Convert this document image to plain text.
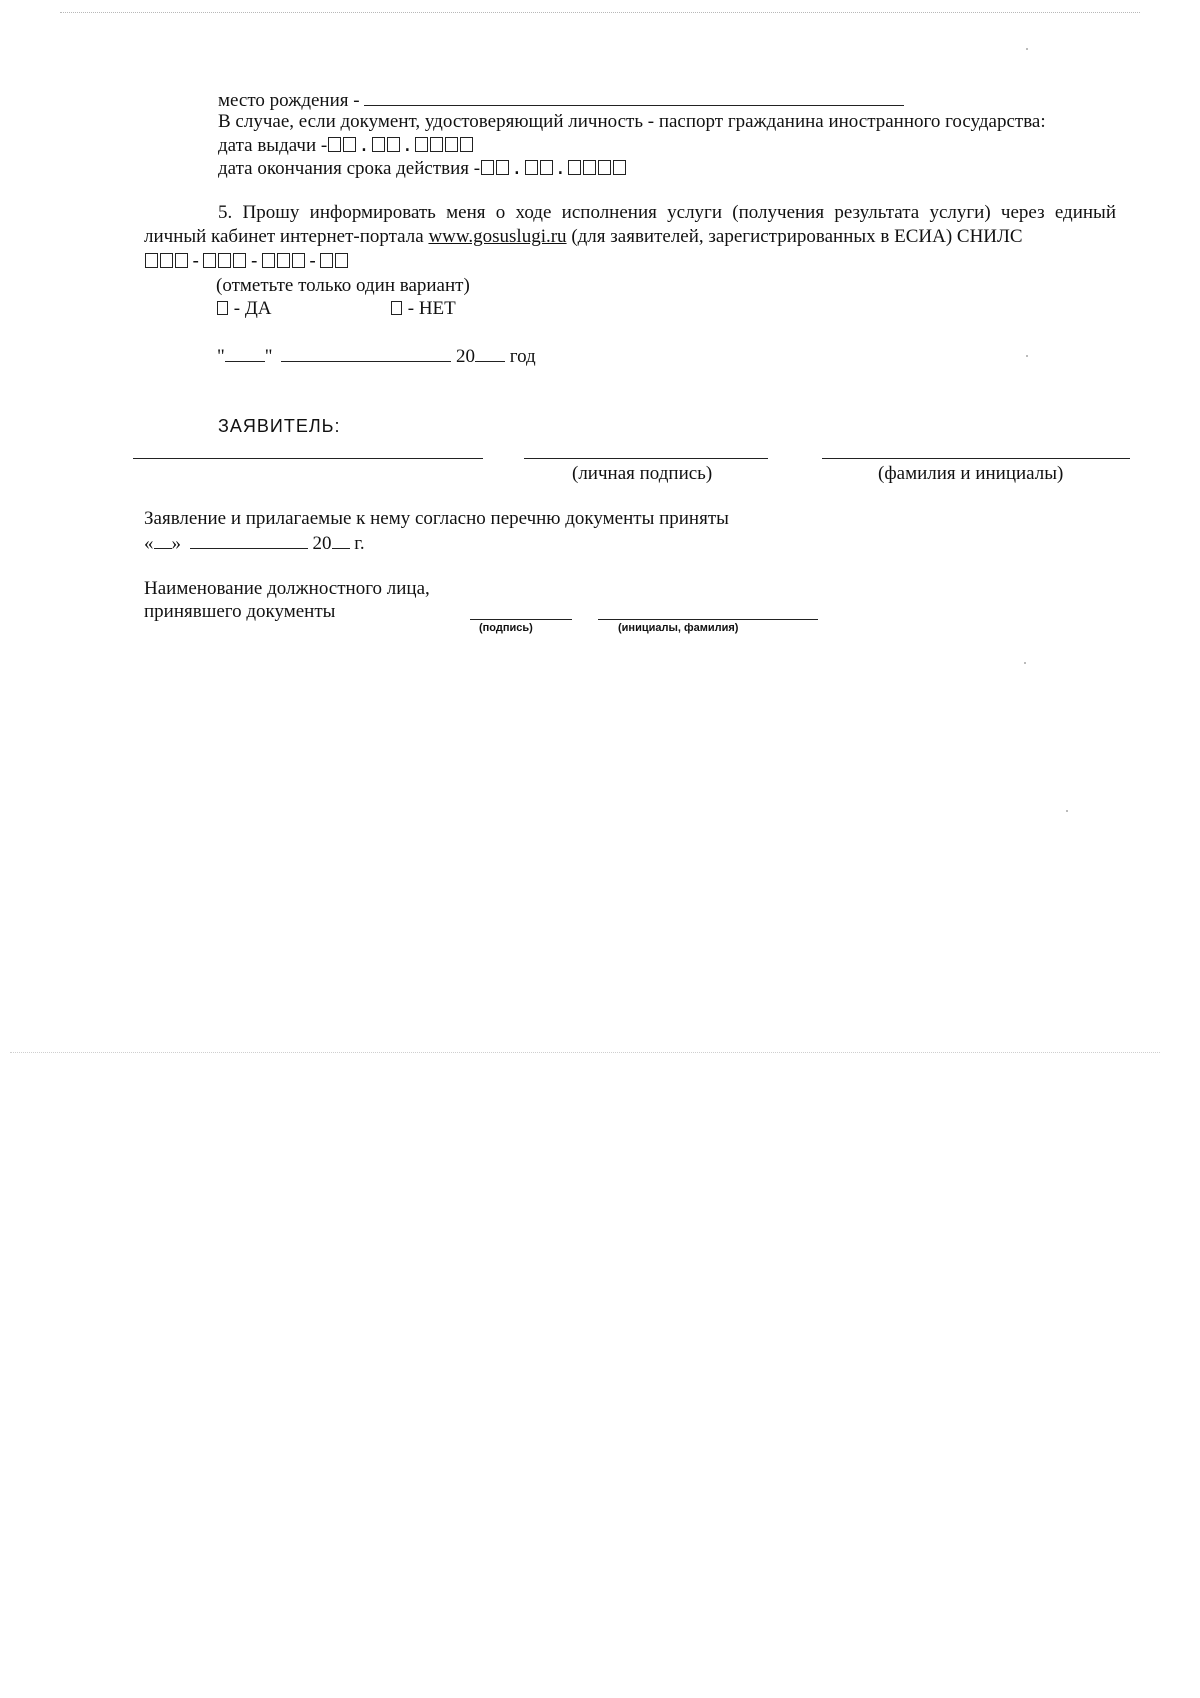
место рождения -
В случае, если документ, удостоверяющий личность - паспорт гражданина иностранного государства:
дата выдачи - . .
дата окончания срока действия - . .
5. Прошу информировать меня о ходе исполнения услуги (получения результата услуги) через единый личный кабинет интернет-портала www.gosuslugi.ru (для заявителей, зарегистрированных в ЕСИА) СНИЛС
- - -
(отметьте только один вариант)
- ДА	- НЕТ
" "	20 год
ЗАЯВИТЕЛЬ:
(личная подпись)	(фамилия и инициалы)
Заявление и прилагаемые к нему согласно перечню документы приняты
« »	20 г.
Наименование должностного лица,
принявшего документы
(подпись)	(инициалы, фамилия)
